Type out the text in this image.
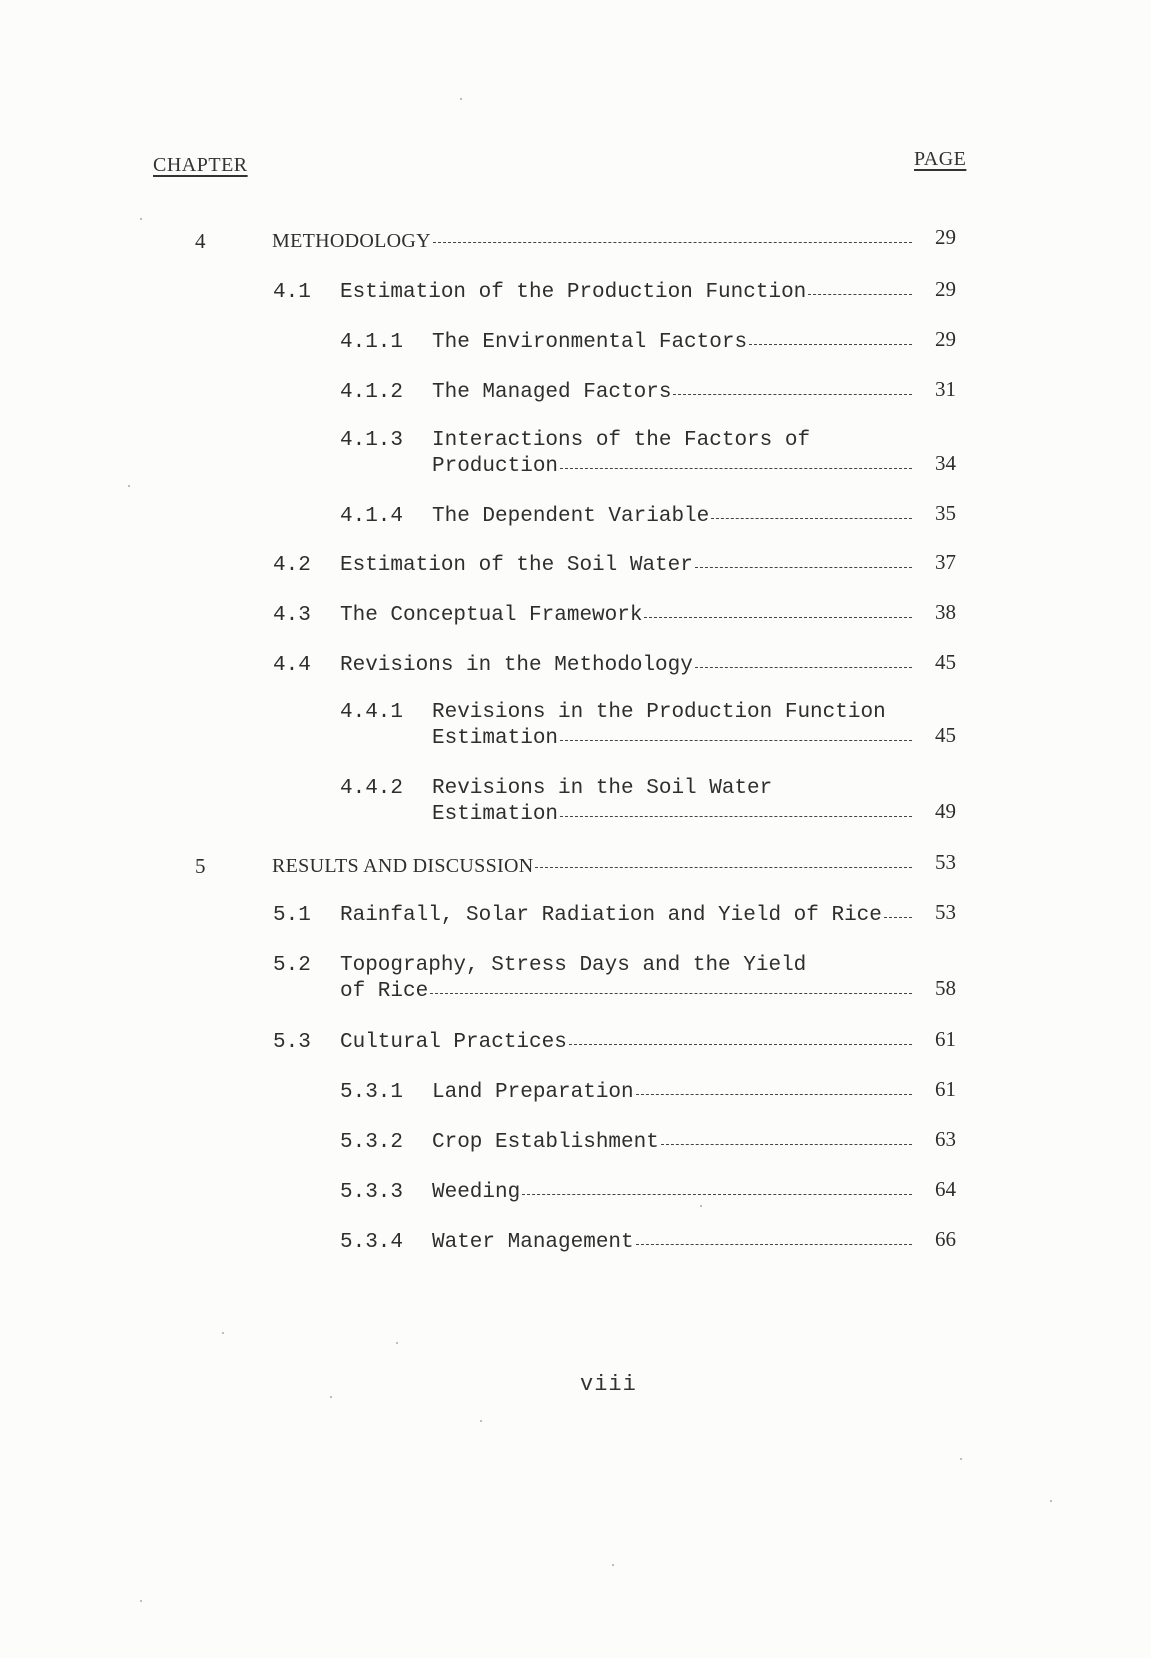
CHAPTER	PAGE
4	METHODOLOGY	29
4.1 Estimation of the Production Function	29
4.1.1 The Environmental Factors	29
4.1.2 The Managed Factors	31
4.1.3 Interactions of the Factors of
Production	34
4.1.4 The Dependent Variable	35
4.2 Estimation of the Soil Water	37
4.3 The Conceptual Framework	38
4.4 Revisions in the Methodology	45
4.4.1 Revisions in the Production Function
Estimation	45
4.4.2 Revisions in the Soil Water
Estimation	49
5	RESULTS AND DISCUSSION	53
5.1 Rainfall, Solar Radiation and Yield of Rice	53
5.2 Topography, Stress Days and the Yield
of Rice	58
5.3 Cultural Practices	61
5.3.1 Land Preparation	61
5.3.2 Crop Establishment	63
5.3.3 Weeding	64
5.3.4 Water Management	66
viii
